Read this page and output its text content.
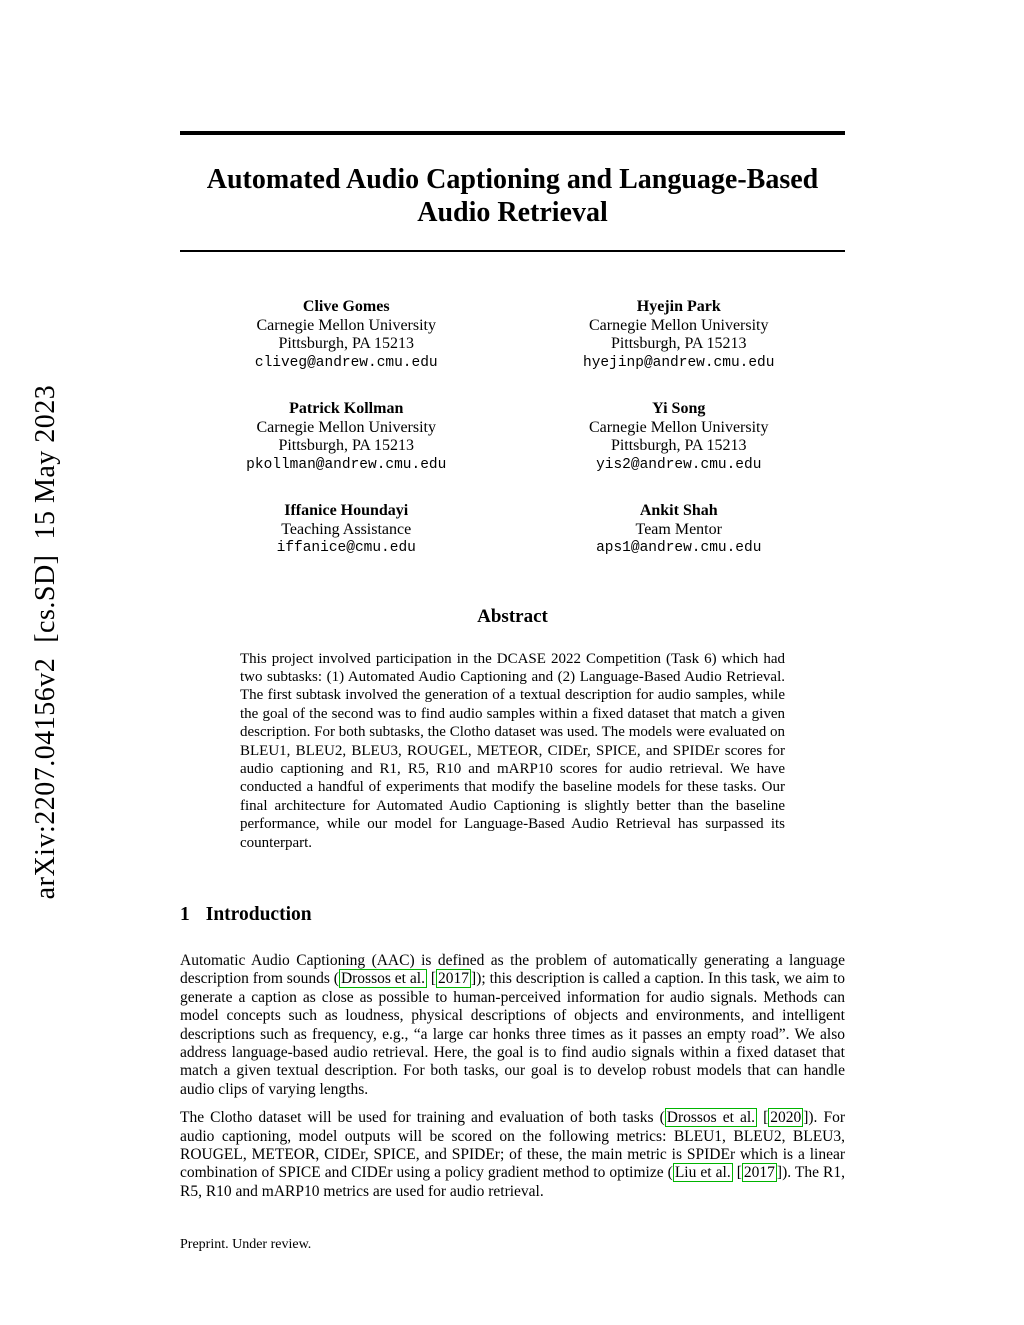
arXiv:2207.04156v2  [cs.SD]  15 May 2023
Automated Audio Captioning and Language-Based
Audio Retrieval
Clive Gomes
Carnegie Mellon University
Pittsburgh, PA 15213
cliveg@andrew.cmu.edu
Hyejin Park
Carnegie Mellon University
Pittsburgh, PA 15213
hyejinp@andrew.cmu.edu
Patrick Kollman
Carnegie Mellon University
Pittsburgh, PA 15213
pkollman@andrew.cmu.edu
Yi Song
Carnegie Mellon University
Pittsburgh, PA 15213
yis2@andrew.cmu.edu
Iffanice Houndayi
Teaching Assistance
iffanice@cmu.edu
Ankit Shah
Team Mentor
aps1@andrew.cmu.edu
Abstract

This project involved participation in the DCASE 2022 Competition (Task 6) which had two subtasks: (1) Automated Audio Captioning and (2) Language-Based Audio Retrieval. The first subtask involved the generation of a textual description for audio samples, while the goal of the second was to find audio samples within a fixed dataset that match a given description. For both subtasks, the Clotho dataset was used. The models were evaluated on BLEU1, BLEU2, BLEU3, ROUGEL, METEOR, CIDEr, SPICE, and SPIDEr scores for audio captioning and R1, R5, R10 and mARP10 scores for audio retrieval. We have conducted a handful of experiments that modify the baseline models for these tasks. Our final architecture for Automated Audio Captioning is slightly better than the baseline performance, while our model for Language-Based Audio Retrieval has surpassed its counterpart.

1 Introduction

Automatic Audio Captioning (AAC) is defined as the problem of automatically generating a language description from sounds ( Drossos et al. [ 2017 ]); this description is called a caption. In this task, we aim to generate a caption as close as possible to human-perceived information for audio signals. Methods can model concepts such as loudness, physical descriptions of objects and environments, and intelligent descriptions such as frequency, e.g., “a large car honks three times as it passes an empty road”. We also address language-based audio retrieval. Here, the goal is to find audio signals within a fixed dataset that match a given textual description. For both tasks, our goal is to develop robust models that can handle audio clips of varying lengths.

The Clotho dataset will be used for training and evaluation of both tasks ( Drossos et al. [ 2020 ]). For audio captioning, model outputs will be scored on the following metrics: BLEU1, BLEU2, BLEU3, ROUGEL, METEOR, CIDEr, SPICE, and SPIDEr; of these, the main metric is SPIDEr which is a linear combination of SPICE and CIDEr using a policy gradient method to optimize ( Liu et al. [ 2017 ]). The R1, R5, R10 and mARP10 metrics are used for audio retrieval.

Preprint. Under review.
